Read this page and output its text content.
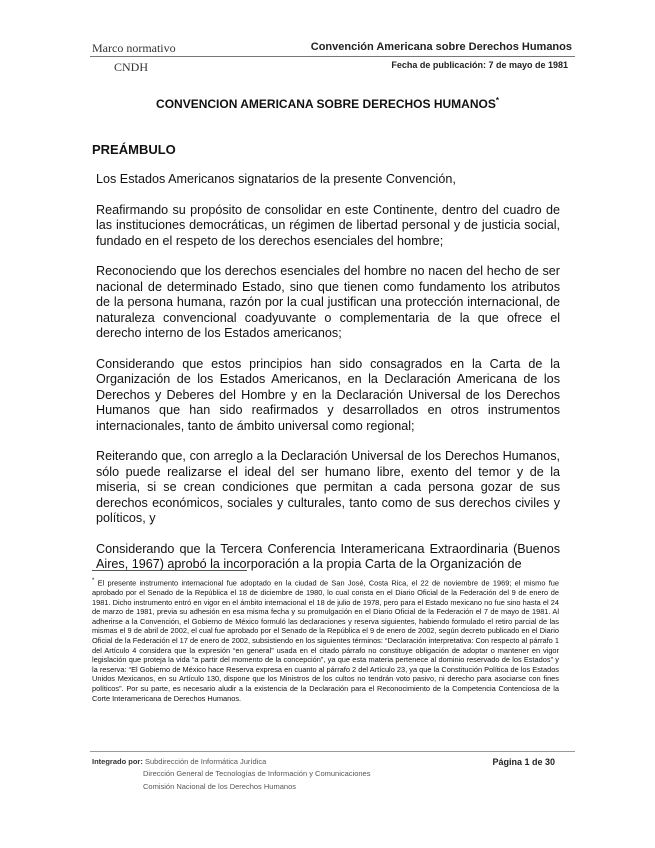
Marco normativo
CNDH
Convención Americana sobre Derechos Humanos
Fecha de publicación: 7 de mayo de 1981
CONVENCION AMERICANA SOBRE DERECHOS HUMANOS*
PREÁMBULO

Los Estados Americanos signatarios de la presente Convención,

Reafirmando su propósito de consolidar en este Continente, dentro del cuadro de las instituciones democráticas, un régimen de libertad personal y de justicia social, fundado en el respeto de los derechos esenciales del hombre;

Reconociendo que los derechos esenciales del hombre no nacen del hecho de ser nacional de determinado Estado, sino que tienen como fundamento los atributos de la persona humana, razón por la cual justifican una protección internacional, de naturaleza convencional coadyuvante o complementaria de la que ofrece el derecho interno de los Estados americanos;

Considerando que estos principios han sido consagrados en la Carta de la Organización de los Estados Americanos, en la Declaración Americana de los Derechos y Deberes del Hombre y en la Declaración Universal de los Derechos Humanos que han sido reafirmados y desarrollados en otros instrumentos internacionales, tanto de ámbito universal como regional;

Reiterando que, con arreglo a la Declaración Universal de los Derechos Humanos, sólo puede realizarse el ideal del ser humano libre, exento del temor y de la miseria, si se crean condiciones que permitan a cada persona gozar de sus derechos económicos, sociales y culturales, tanto como de sus derechos civiles y políticos, y

Considerando que la Tercera Conferencia Interamericana Extraordinaria (Buenos Aires, 1967) aprobó la incorporación a la propia Carta de la Organización de

* El presente instrumento internacional fue adoptado en la ciudad de San José, Costa Rica, el 22 de noviembre de 1969; el mismo fue aprobado por el Senado de la República el 18 de diciembre de 1980, lo cual consta en el Diario Oficial de la Federación del 9 de enero de 1981. Dicho instrumento entró en vigor en el ámbito internacional el 18 de julio de 1978, pero para el Estado mexicano no fue sino hasta el 24 de marzo de 1981, previa su adhesión en esa misma fecha y su promulgación en el Diario Oficial de la Federación el 7 de mayo de 1981. Al adherirse a la Convención, el Gobierno de México formuló las declaraciones y reserva siguientes, habiendo formulado el retiro parcial de las mismas el 9 de abril de 2002, el cual fue aprobado por el Senado de la República el 9 de enero de 2002, según decreto publicado en el Diario Oficial de la Federación el 17 de enero de 2002, subsistiendo en los siguientes términos: “Declaración interpretativa: Con respecto al párrafo 1 del Artículo 4 considera que la expresión “en general” usada en el citado párrafo no constituye obligación de adoptar o mantener en vigor legislación que proteja la vida “a partir del momento de la concepción”, ya que esta materia pertenece al dominio reservado de los Estados” y la reserva: “El Gobierno de México hace Reserva expresa en cuanto al párrafo 2 del Artículo 23, ya que la Constitución Política de los Estados Unidos Mexicanos, en su Artículo 130, dispone que los Ministros de los cultos no tendrán voto pasivo, ni derecho para asociarse con fines políticos”. Por su parte, es necesario aludir a la existencia de la Declaración para el Reconocimiento de la Competencia Contenciosa de la Corte Interamericana de Derechos Humanos.
Integrado por: Subdirección de Informática Jurídica
Dirección General de Tecnologías de Información y Comunicaciones
Comisión Nacional de los Derechos Humanos
Página 1 de 30
